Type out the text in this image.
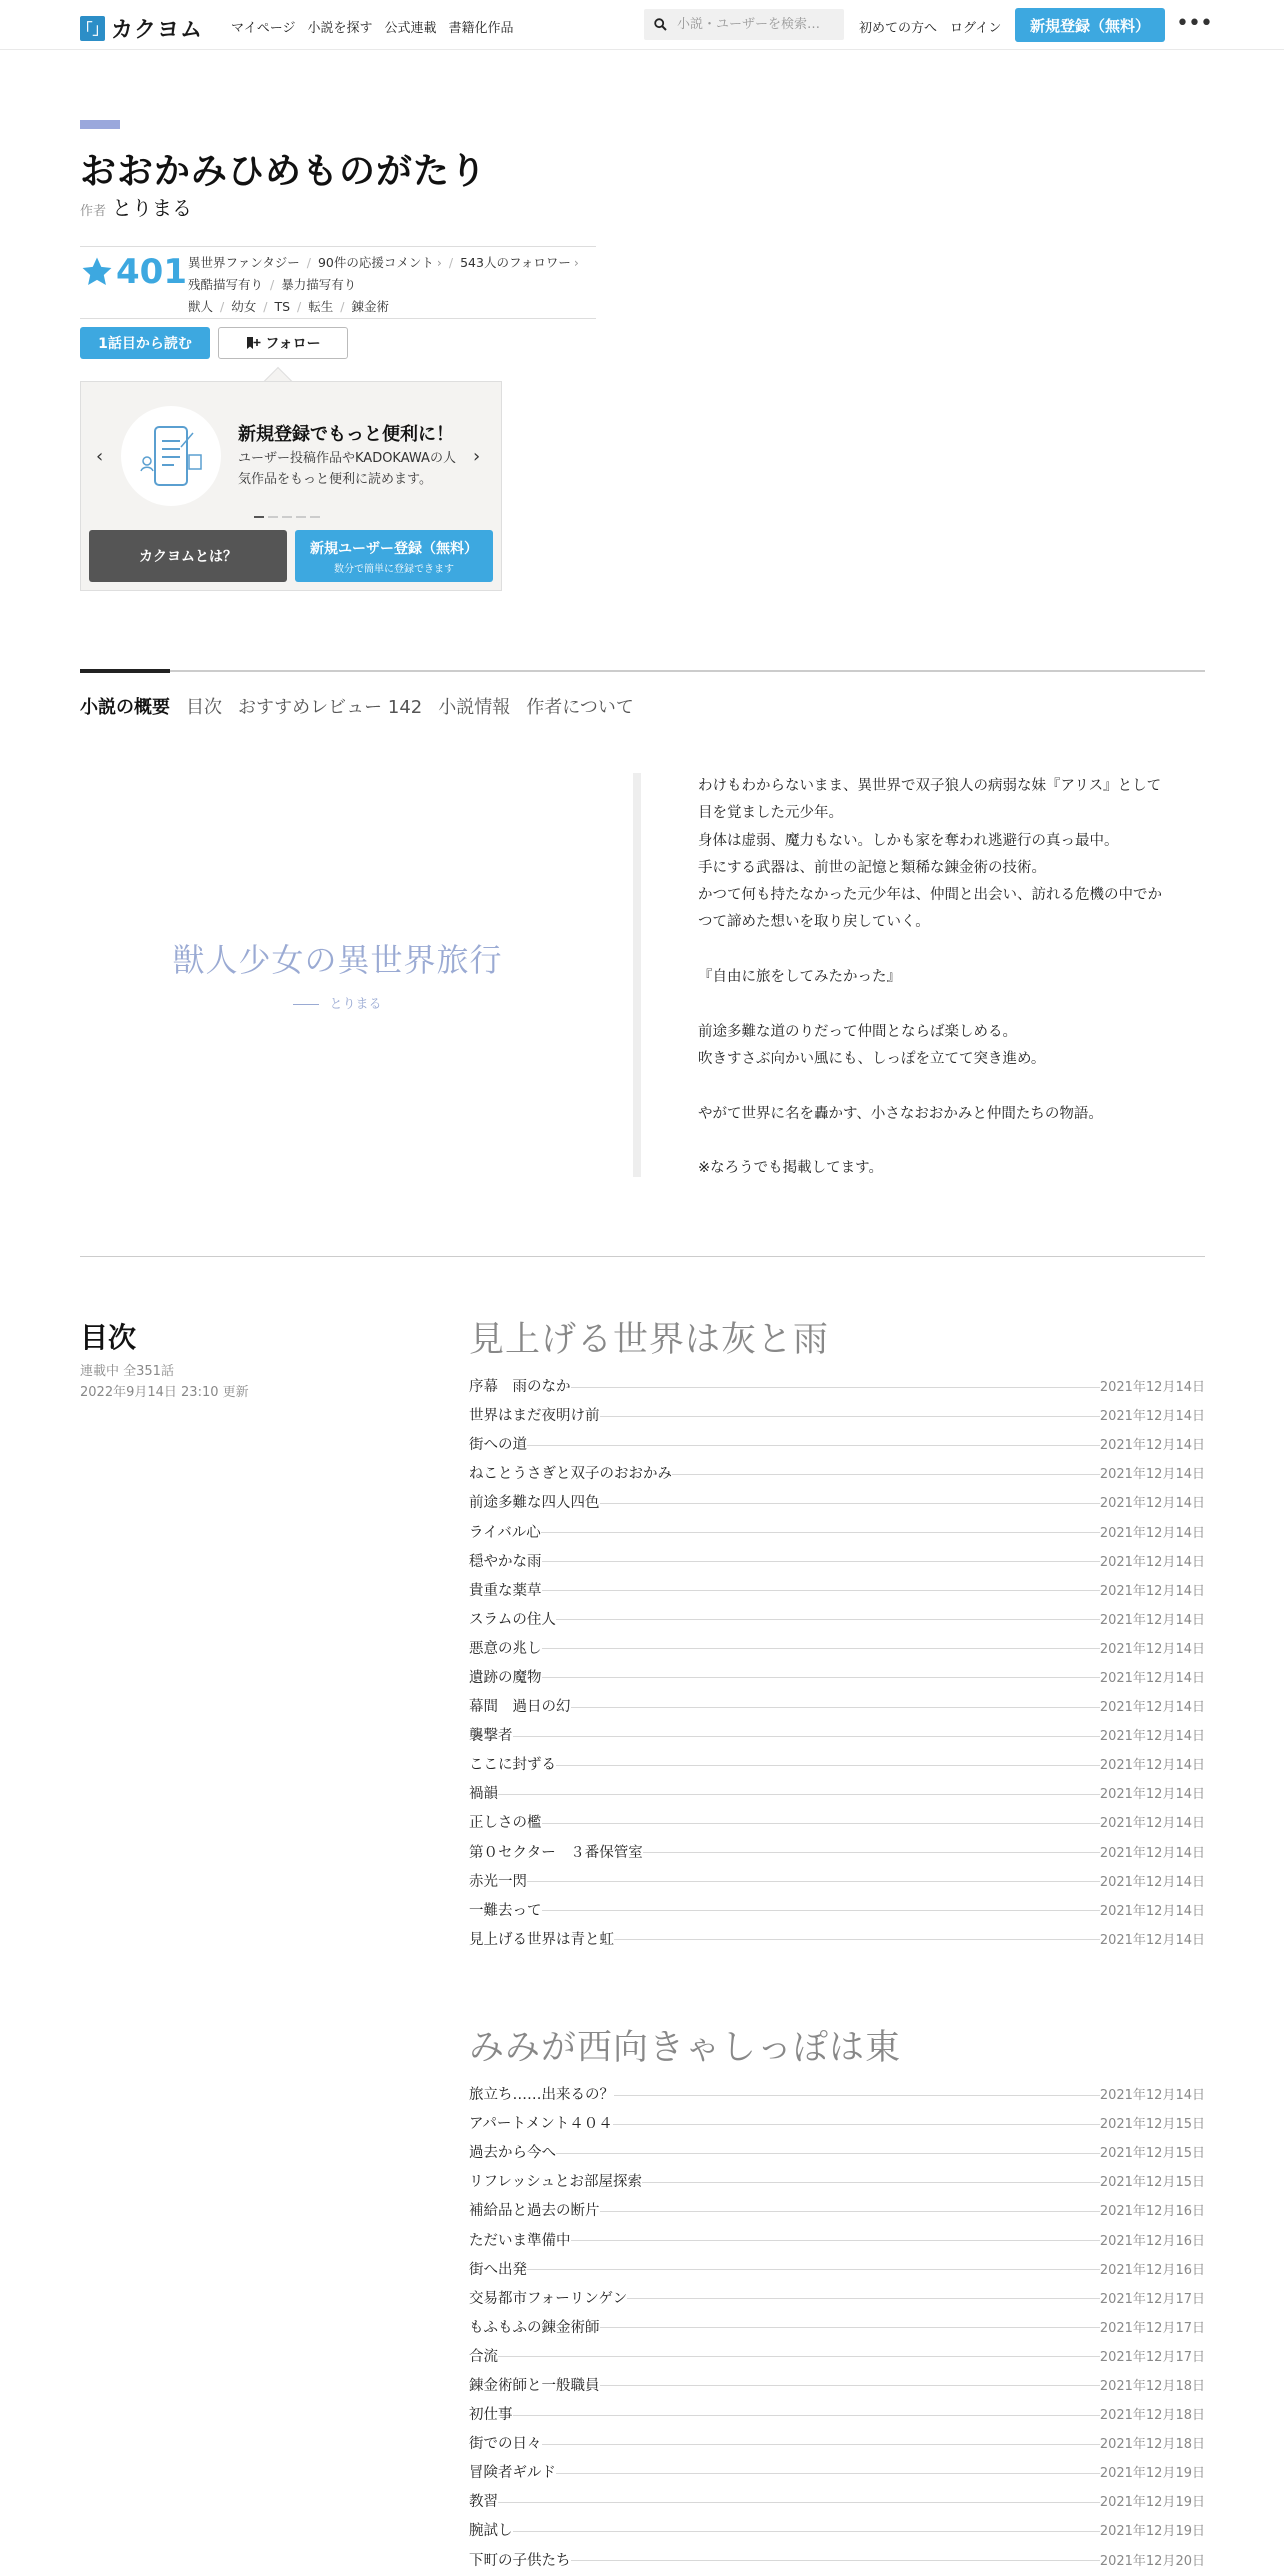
「」 カクヨム マイページ 小説を探す 公式連載 書籍化作品
小説・ユーザーを検索…	初めての方へ ログイン	新規登録（無料）	•••
おおかみひめものがたり
作者 とりまる
401 異世界ファンタジー / 90件の応援コメント › / 543人のフォロワー ›
残酷描写有り / 暴力描写有り
獣人 / 幼女 / TS / 転生 / 錬金術
1話目から読む	フォロー
‹
新規登録でもっと便利に！
ユーザー投稿作品やKADOKAWAの人気作品をもっと便利に読めます。
›
カクヨムとは？
新規ユーザー登録（無料）
数分で簡単に登録できます
小説の概要 目次 おすすめレビュー 142 小説情報 作者について
獣人少女の異世界旅行
とりまる
わけもわからないまま、異世界で双子狼人の病弱な妹『アリス』として
目を覚ました元少年。
身体は虚弱、魔力もない。しかも家を奪われ逃避行の真っ最中。
手にする武器は、前世の記憶と類稀な錬金術の技術。
かつて何も持たなかった元少年は、仲間と出会い、訪れる危機の中でか
つて諦めた想いを取り戻していく。

『自由に旅をしてみたかった』

前途多難な道のりだって仲間とならば楽しめる。
吹きすさぶ向かい風にも、しっぽを立てて突き進め。

やがて世界に名を轟かす、小さなおおかみと仲間たちの物語。

※なろうでも掲載してます。
目次
連載中 全351話
2022年9月14日 23:10 更新
見上げる世界は灰と雨
序幕　雨のなか	2021年12月14日
世界はまだ夜明け前	2021年12月14日
街への道	2021年12月14日
ねことうさぎと双子のおおかみ	2021年12月14日
前途多難な四人四色	2021年12月14日
ライバル心	2021年12月14日
穏やかな雨	2021年12月14日
貴重な薬草	2021年12月14日
スラムの住人	2021年12月14日
悪意の兆し	2021年12月14日
遺跡の魔物	2021年12月14日
幕間　過日の幻	2021年12月14日
襲撃者	2021年12月14日
ここに封ずる	2021年12月14日
禍韻	2021年12月14日
正しさの檻	2021年12月14日
第０セクター　３番保管室	2021年12月14日
赤光一閃	2021年12月14日
一難去って	2021年12月14日
見上げる世界は青と虹	2021年12月14日
みみが西向きゃしっぽは東
旅立ち……出来るの？	2021年12月14日
アパートメント４０４	2021年12月15日
過去から今へ	2021年12月15日
リフレッシュとお部屋探索	2021年12月15日
補給品と過去の断片	2021年12月16日
ただいま準備中	2021年12月16日
街へ出発	2021年12月16日
交易都市フォーリンゲン	2021年12月17日
もふもふの錬金術師	2021年12月17日
合流	2021年12月17日
錬金術師と一般職員	2021年12月18日
初仕事	2021年12月18日
街での日々	2021年12月18日
冒険者ギルド	2021年12月19日
教習	2021年12月19日
腕試し	2021年12月19日
下町の子供たち	2021年12月20日
